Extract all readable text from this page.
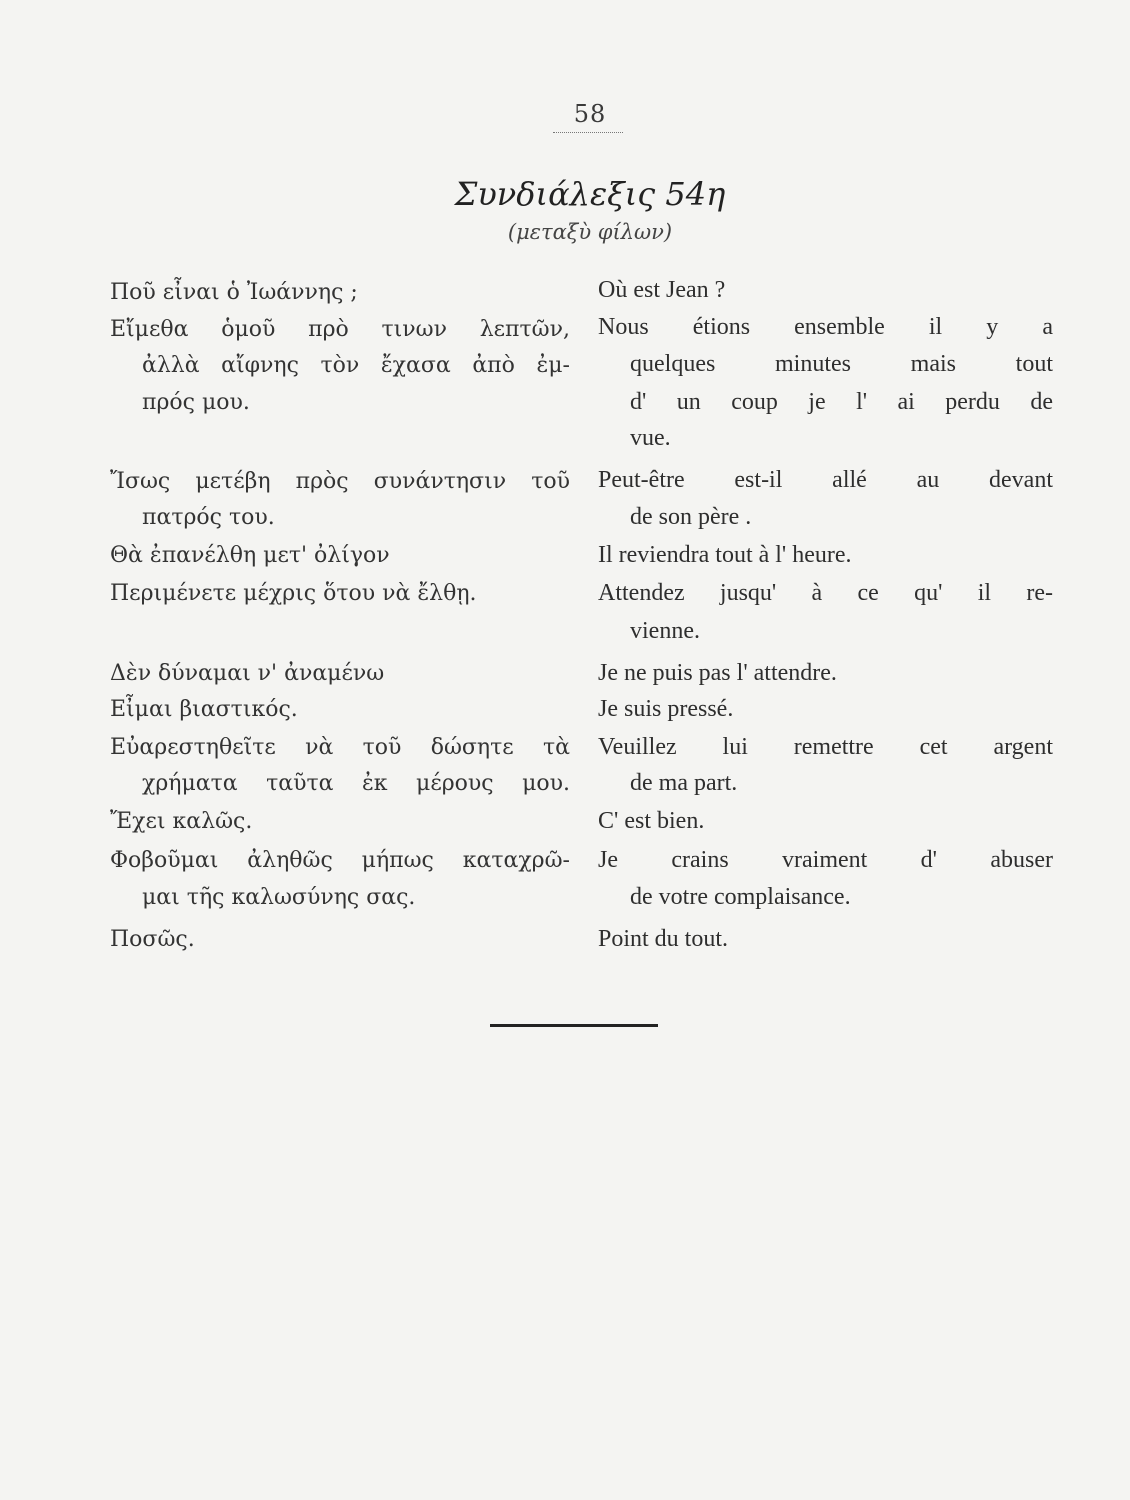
58
Συνδιάλεξις 54η
(μεταξὺ φίλων)
Ποῦ εἶναι ὁ Ἰωάννης ;
Εἴμεθα ὁμοῦ πρὸ τινων λεπτῶν,
ἀλλὰ αἴφνης τὸν ἔχασα ἀπὸ ἐμ-
πρός μου.
Ἴσως μετέβη πρὸς συνάντησιν τοῦ
πατρός του.
Θὰ ἐπανέλθη μετ' ὀλίγον
Περιμένετε μέχρις ὅτου νὰ ἔλθῃ.
Δὲν δύναμαι ν' ἀναμένω
Εἶμαι βιαστικός.
Εὐαρεστηθεῖτε νὰ τοῦ δώσητε τὰ
χρήματα ταῦτα ἐκ μέρους μου.
Ἔχει καλῶς.
Φοβοῦμαι ἀληθῶς μήπως καταχρῶ-
μαι τῆς καλωσύνης σας.
Ποσῶς.
Où est Jean ?
Nous étions ensemble il y a
quelques minutes mais tout
d' un coup je l' ai perdu de
vue.
Peut-être est-il allé au devant
de son père .
Il reviendra tout à l' heure.
Attendez jusqu' à ce qu' il re-
vienne.
Je ne puis pas l' attendre.
Je suis pressé.
Veuillez lui remettre cet argent
de ma part.
C' est bien.
Je crains vraiment d' abuser
de votre complaisance.
Point du tout.
